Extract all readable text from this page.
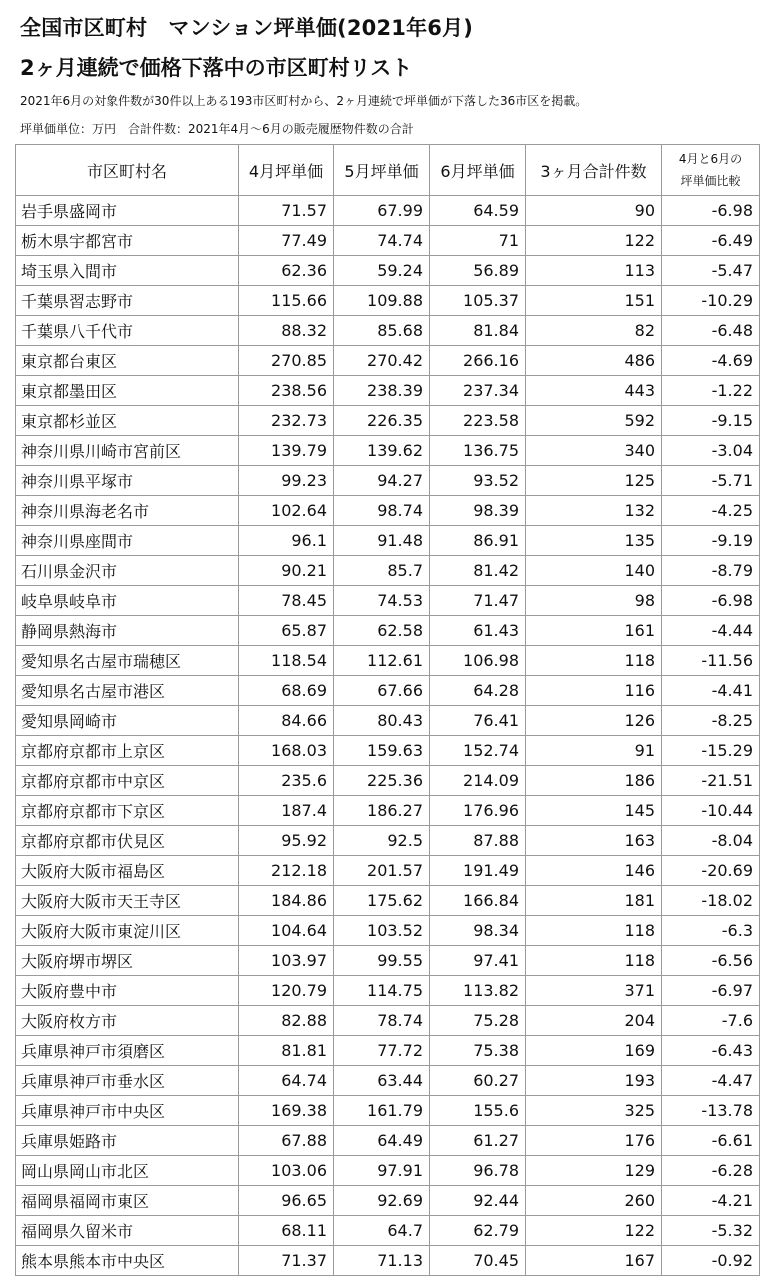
全国市区町村　マンション坪単価(2021年6月)
2ヶ月連続で価格下落中の市区町村リスト
2021年6月の対象件数が30件以上ある193市区町村から、2ヶ月連続で坪単価が下落した36市区を掲載。
坪単価単位：万円　合計件数：2021年4月～6月の販売履歴物件数の合計
市区町村名	4月坪単価	5月坪単価	6月坪単価	3ヶ月合計件数	4月と6月の
坪単価比較
岩手県盛岡市	71.57	67.99	64.59	90	-6.98
栃木県宇都宮市	77.49	74.74	71	122	-6.49
埼玉県入間市	62.36	59.24	56.89	113	-5.47
千葉県習志野市	115.66	109.88	105.37	151	-10.29
千葉県八千代市	88.32	85.68	81.84	82	-6.48
東京都台東区	270.85	270.42	266.16	486	-4.69
東京都墨田区	238.56	238.39	237.34	443	-1.22
東京都杉並区	232.73	226.35	223.58	592	-9.15
神奈川県川崎市宮前区	139.79	139.62	136.75	340	-3.04
神奈川県平塚市	99.23	94.27	93.52	125	-5.71
神奈川県海老名市	102.64	98.74	98.39	132	-4.25
神奈川県座間市	96.1	91.48	86.91	135	-9.19
石川県金沢市	90.21	85.7	81.42	140	-8.79
岐阜県岐阜市	78.45	74.53	71.47	98	-6.98
静岡県熱海市	65.87	62.58	61.43	161	-4.44
愛知県名古屋市瑞穂区	118.54	112.61	106.98	118	-11.56
愛知県名古屋市港区	68.69	67.66	64.28	116	-4.41
愛知県岡崎市	84.66	80.43	76.41	126	-8.25
京都府京都市上京区	168.03	159.63	152.74	91	-15.29
京都府京都市中京区	235.6	225.36	214.09	186	-21.51
京都府京都市下京区	187.4	186.27	176.96	145	-10.44
京都府京都市伏見区	95.92	92.5	87.88	163	-8.04
大阪府大阪市福島区	212.18	201.57	191.49	146	-20.69
大阪府大阪市天王寺区	184.86	175.62	166.84	181	-18.02
大阪府大阪市東淀川区	104.64	103.52	98.34	118	-6.3
大阪府堺市堺区	103.97	99.55	97.41	118	-6.56
大阪府豊中市	120.79	114.75	113.82	371	-6.97
大阪府枚方市	82.88	78.74	75.28	204	-7.6
兵庫県神戸市須磨区	81.81	77.72	75.38	169	-6.43
兵庫県神戸市垂水区	64.74	63.44	60.27	193	-4.47
兵庫県神戸市中央区	169.38	161.79	155.6	325	-13.78
兵庫県姫路市	67.88	64.49	61.27	176	-6.61
岡山県岡山市北区	103.06	97.91	96.78	129	-6.28
福岡県福岡市東区	96.65	92.69	92.44	260	-4.21
福岡県久留米市	68.11	64.7	62.79	122	-5.32
熊本県熊本市中央区	71.37	71.13	70.45	167	-0.92
